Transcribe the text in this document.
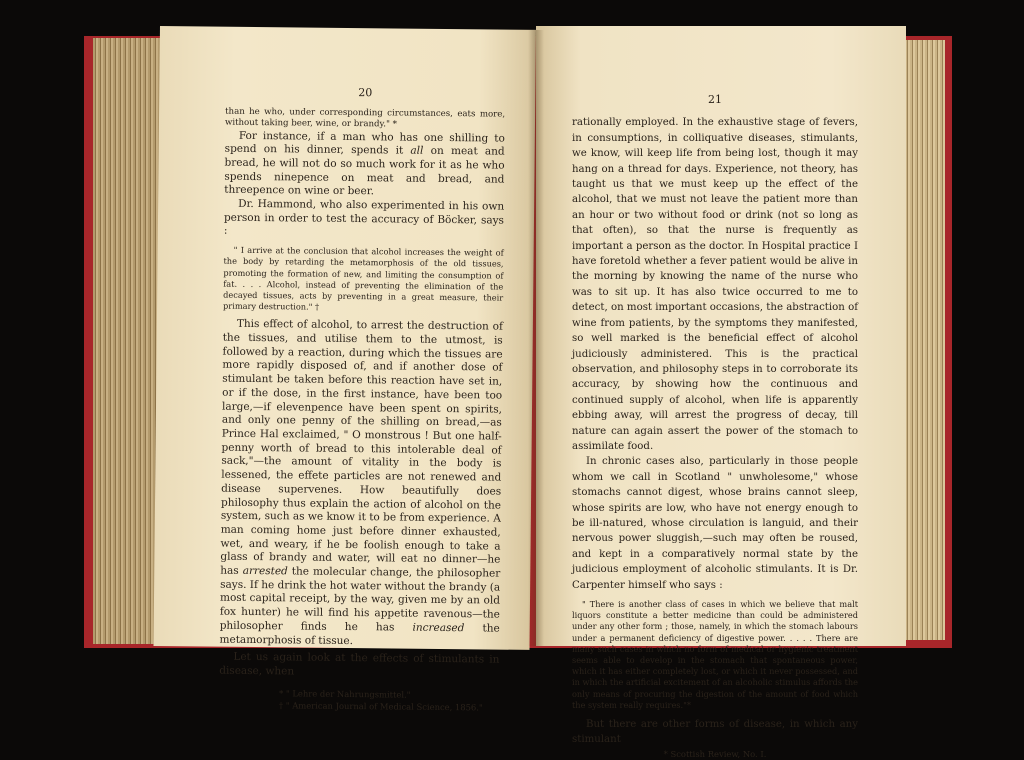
20

than he who, under corresponding circumstances, eats more, without taking beer, wine, or brandy." *

For instance, if a man who has one shilling to spend on his dinner, spends it all on meat and bread, he will not do so much work for it as he who spends ninepence on meat and bread, and threepence on wine or beer.

Dr. Hammond, who also experimented in his own person in order to test the accuracy of Böcker, says :

" I arrive at the conclusion that alcohol increases the weight of the body by retarding the metamorphosis of the old tissues, promoting the formation of new, and limiting the consumption of fat. . . . Alcohol, instead of preventing the elimination of the decayed tissues, acts by preventing in a great measure, their primary destruction." †

This effect of alcohol, to arrest the destruction of the tissues, and utilise them to the utmost, is followed by a reaction, during which the tissues are more rapidly disposed of, and if another dose of stimulant be taken before this reaction have set in, or if the dose, in the first instance, have been too large,—if elevenpence have been spent on spirits, and only one penny of the shilling on bread,—as Prince Hal exclaimed, " O monstrous ! But one half-penny worth of bread to this intolerable deal of sack,"—the amount of vitality in the body is lessened, the effete particles are not renewed and disease supervenes. How beautifully does philosophy thus explain the action of alcohol on the system, such as we know it to be from experience. A man coming home just before dinner exhausted, wet, and weary, if he be foolish enough to take a glass of brandy and water, will eat no dinner—he has arrested the molecular change, the philosopher says. If he drink the hot water without the brandy (a most capital receipt, by the way, given me by an old fox hunter) he will find his appetite ravenous—the philosopher finds he has increased the metamorphosis of tissue.

Let us again look at the effects of stimulants in disease, when

* " Lehre der Nahrungsmittel."
† " American Journal of Medical Science, 1856."
21

rationally employed. In the exhaustive stage of fevers, in consumptions, in colliquative diseases, stimulants, we know, will keep life from being lost, though it may hang on a thread for days. Experience, not theory, has taught us that we must keep up the effect of the alcohol, that we must not leave the patient more than an hour or two without food or drink (not so long as that often), so that the nurse is frequently as important a person as the doctor. In Hospital practice I have foretold whether a fever patient would be alive in the morning by knowing the name of the nurse who was to sit up. It has also twice occurred to me to detect, on most important occasions, the abstraction of wine from patients, by the symptoms they manifested, so well marked is the beneficial effect of alcohol judiciously administered. This is the practical observation, and philosophy steps in to corroborate its accuracy, by showing how the continuous and continued supply of alcohol, when life is apparently ebbing away, will arrest the progress of decay, till nature can again assert the power of the stomach to assimilate food.

In chronic cases also, particularly in those people whom we call in Scotland " unwholesome," whose stomachs cannot digest, whose brains cannot sleep, whose spirits are low, who have not energy enough to be ill-natured, whose circulation is languid, and their nervous power sluggish,—such may often be roused, and kept in a comparatively normal state by the judicious employment of alcoholic stimulants. It is Dr. Carpenter himself who says :

" There is another class of cases in which we believe that malt liquors constitute a better medicine than could be administered under any other form ; those, namely, in which the stomach labours under a permanent deficiency of digestive power. . . . . There are many such cases in which no form of medical or hygienic treatment seems able to develop in the stomach that spontaneous power, which it has either completely lost, or which it never possessed, and in which the artificial excitement of an alcoholic stimulus affords the only means of procuring the digestion of the amount of food which the system really requires."*

But there are other forms of disease, in which any stimulant

* Scottish Review, No. I.
